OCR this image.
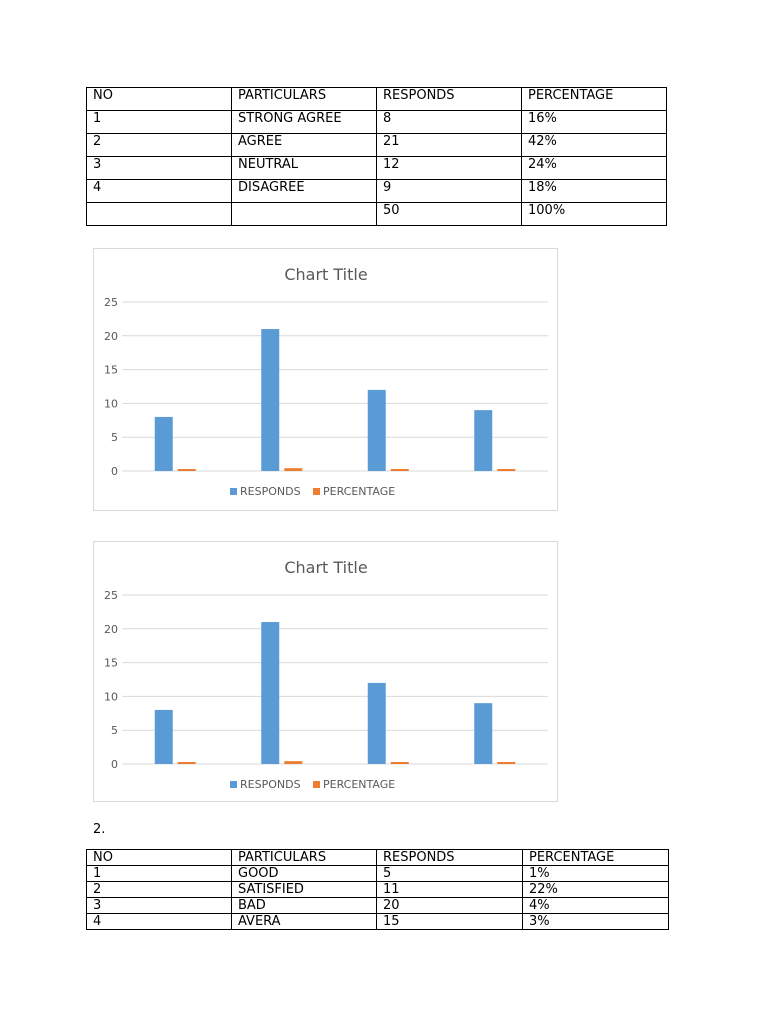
NO	PARTICULARS	RESPONDS	PERCENTAGE
1	STRONG AGREE	8	16%
2	AGREE	21	42%
3	NEUTRAL	12	24%
4	DISAGREE	9	18%
		50	100%
Chart Title
0
5
10
15
20
25
RESPONDS PERCENTAGE
Chart Title
0
5
10
15
20
25
RESPONDS PERCENTAGE
2.
NO	PARTICULARS	RESPONDS	PERCENTAGE
1	GOOD	5	1%
2	SATISFIED	11	22%
3	BAD	20	4%
4	AVERA	15	3%
